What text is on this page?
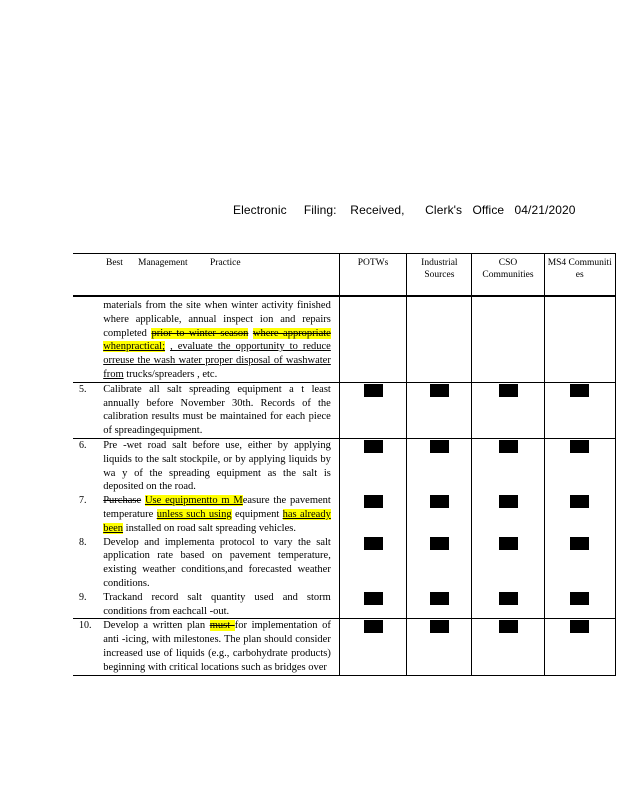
Electronic     Filing:    Received,      Clerk's   Office   04/21/2020
Best Management Practice		POTWs	Industrial Sources	CSO Communities	MS4 Communiti es

	materials from the site when winter activity finished where applicable, annual inspect ion and repairs completed prior to winter season where appropriate whenpractical; , evaluate the opportunity to reduce orreuse the wash water proper disposal of washwater from trucks/spreaders , etc.				

5.	Calibrate all salt spreading equipment a t least annually before November 30th. Records of the calibration results must be maintained for each piece of spreadingequipment.				

6.	Pre -wet road salt before use, either by applying liquids to the salt stockpile, or by applying liquids by wa y of the spreading equipment as the salt is deposited on the road.				

7.	Purchase Use equipmentto m Measure the pavement temperature unless such using equipment has already been installed on road salt spreading vehicles.				

8.	Develop and implementa protocol to vary the salt application rate based on pavement temperature, existing weather conditions,and forecasted weather conditions.				

9.	Trackand record salt quantity used and storm conditions from eachcall -out.				

10.	Develop a written plan must for implementation of anti -icing, with milestones. The plan should consider increased use of liquids (e.g., carbohydrate products) beginning with critical locations such as bridges over				
